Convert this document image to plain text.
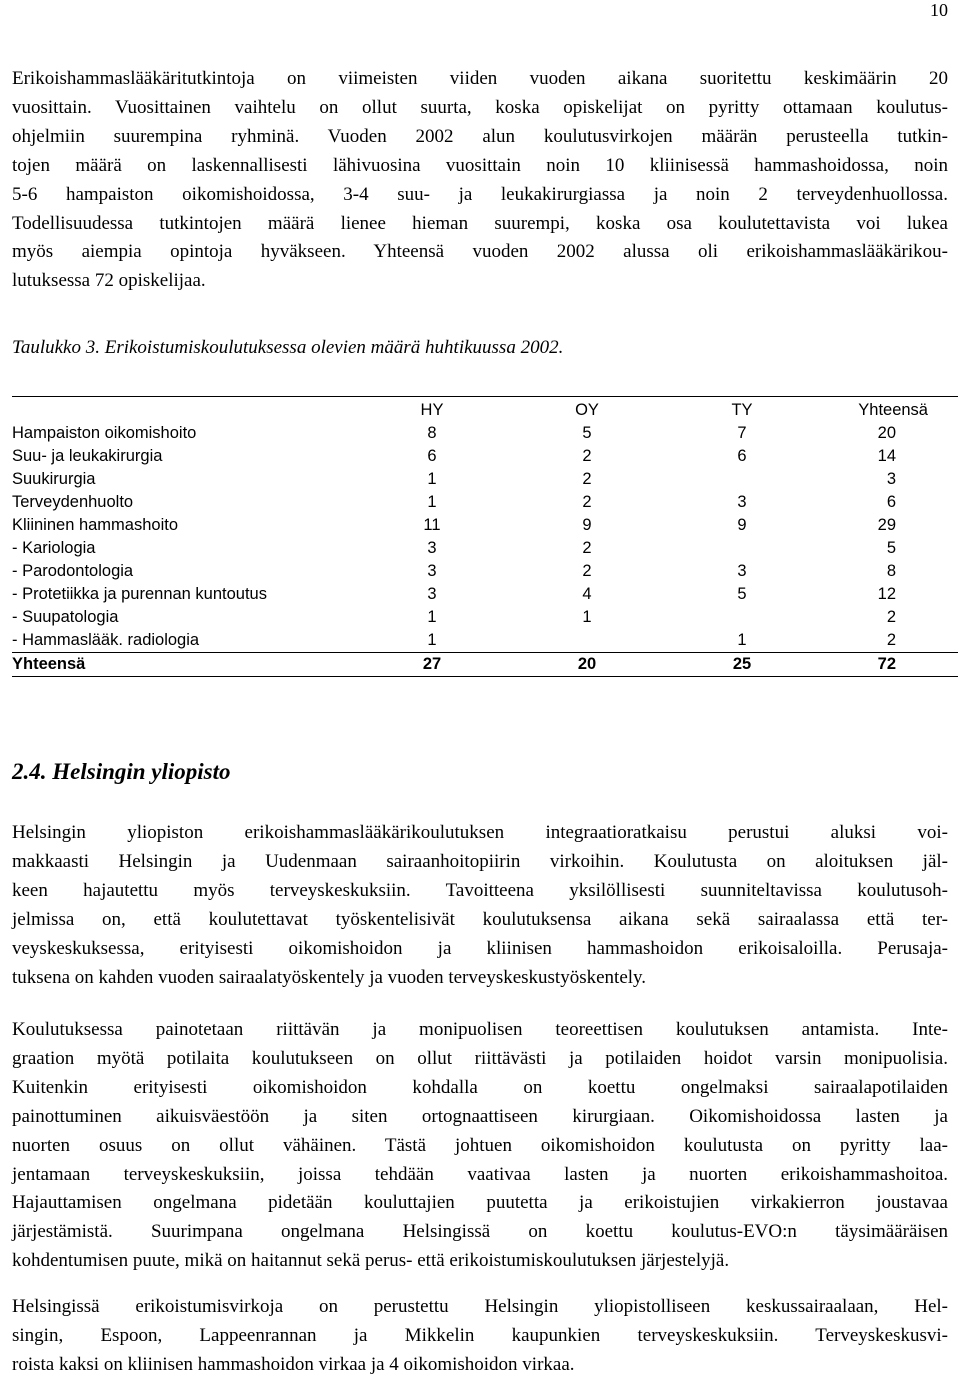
10
Erikoishammaslääkäritutkintoja on viimeisten viiden vuoden aikana suoritettu keskimäärin 20
vuosittain. Vuosittainen vaihtelu on ollut suurta, koska opiskelijat on pyritty ottamaan koulutus-
ohjelmiin suurempina ryhminä. Vuoden 2002 alun koulutusvirkojen määrän perusteella tutkin-
tojen määrä on laskennallisesti lähivuosina vuosittain noin 10 kliinisessä hammashoidossa, noin
5-6 hampaiston oikomishoidossa, 3-4 suu- ja leukakirurgiassa ja noin 2 terveydenhuollossa.
Todellisuudessa tutkintojen määrä lienee hieman suurempi, koska osa koulutettavista voi lukea
myös aiempia opintoja hyväkseen. Yhteensä vuoden 2002 alussa oli erikoishammaslääkärikou-
lutuksessa 72 opiskelijaa.
Taulukko 3. Erikoistumiskoulutuksessa olevien määrä huhtikuussa 2002.
	HY	OY	TY	Yhteensä
Hampaiston oikomishoito	8	5	7	20
Suu- ja leukakirurgia	6	2	6	14
Suukirurgia	1	2		3
Terveydenhuolto	1	2	3	6
Kliininen hammashoito	11	9	9	29
- Kariologia	3	2		5
- Parodontologia	3	2	3	8
- Protetiikka ja purennan kuntoutus	3	4	5	12
- Suupatologia	1	1		2
- Hammaslääk. radiologia	1		1	2
Yhteensä	27	20	25	72
2.4. Helsingin yliopisto
Helsingin yliopiston erikoishammaslääkärikoulutuksen integraatioratkaisu perustui aluksi voi-
makkaasti Helsingin ja Uudenmaan sairaanhoitopiirin virkoihin. Koulutusta on aloituksen jäl-
keen hajautettu myös terveyskeskuksiin. Tavoitteena yksilöllisesti suunniteltavissa koulutusoh-
jelmissa on, että koulutettavat työskentelisivät koulutuksensa aikana sekä sairaalassa että ter-
veyskeskuksessa, erityisesti oikomishoidon ja kliinisen hammashoidon erikoisaloilla. Perusaja-
tuksena on kahden vuoden sairaalatyöskentely ja vuoden terveyskeskustyöskentely.
Koulutuksessa painotetaan riittävän ja monipuolisen teoreettisen koulutuksen antamista. Inte-
graation myötä potilaita koulutukseen on ollut riittävästi ja potilaiden hoidot varsin monipuolisia.
Kuitenkin erityisesti oikomishoidon kohdalla on koettu ongelmaksi sairaalapotilaiden
painottuminen aikuisväestöön ja siten ortognaattiseen kirurgiaan. Oikomishoidossa lasten ja
nuorten osuus on ollut vähäinen. Tästä johtuen oikomishoidon koulutusta on pyritty laa-
jentamaan terveyskeskuksiin, joissa tehdään vaativaa lasten ja nuorten erikoishammashoitoa.
Hajauttamisen ongelmana pidetään kouluttajien puutetta ja erikoistujien virkakierron joustavaa
järjestämistä. Suurimpana ongelmana Helsingissä on koettu koulutus-EVO:n täysimääräisen
kohdentumisen puute, mikä on haitannut sekä perus- että erikoistumiskoulutuksen järjestelyjä.
Helsingissä erikoistumisvirkoja on perustettu Helsingin yliopistolliseen keskussairaalaan, Hel-
singin, Espoon, Lappeenrannan ja Mikkelin kaupunkien terveyskeskuksiin. Terveyskeskusvi-
roista kaksi on kliinisen hammashoidon virkaa ja 4 oikomishoidon virkaa.
